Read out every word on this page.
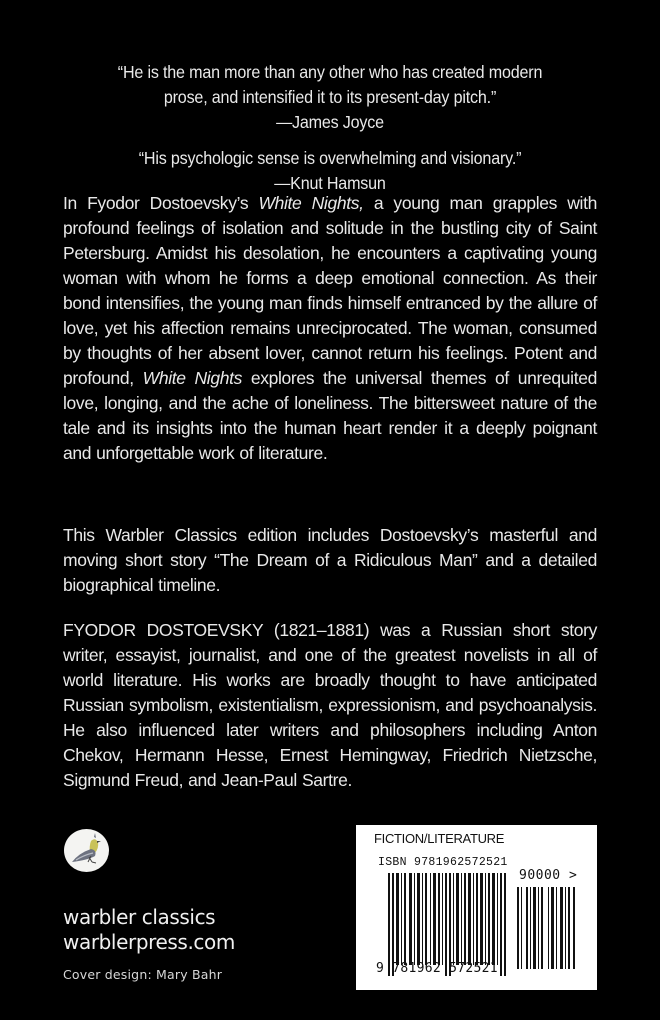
“He is the man more than any other who has created modern
prose, and intensified it to its present-day pitch.”
—James Joyce
“His psychologic sense is overwhelming and visionary.”
—Knut Hamsun

In Fyodor Dostoevsky’s White Nights, a young man grapples with profound feelings of isolation and solitude in the bustling city of Saint Petersburg. Amidst his desolation, he encounters a captivating young woman with whom he forms a deep emotional connection. As their bond intensifies, the young man finds himself entranced by the allure of love, yet his affection remains unreciprocated. The woman, consumed by thoughts of her absent lover, cannot return his feelings. Potent and profound, White Nights explores the universal themes of unrequited love, longing, and the ache of loneliness. The bittersweet nature of the tale and its insights into the human heart render it a deeply poignant and unforgettable work of literature.

This Warbler Classics edition includes Dostoevsky’s masterful and moving short story “The Dream of a Ridiculous Man” and a detailed biographical timeline.

FYODOR DOSTOEVSKY (1821–1881) was a Russian short story writer, essayist, journalist, and one of the greatest novelists in all of world literature. His works are broadly thought to have anticipated Russian symbolism, existentialism, expressionism, and psychoanalysis. He also influenced later writers and philosophers including Anton Chekov, Hermann Hesse, Ernest Hemingway, Friedrich Nietzsche, Sigmund Freud, and Jean-Paul Sartre.

warbler classics
warblerpress.com
Cover design: Mary Bahr
FICTION/LITERATURE
ISBN 9781962572521
90000 >
9 781962 572521
